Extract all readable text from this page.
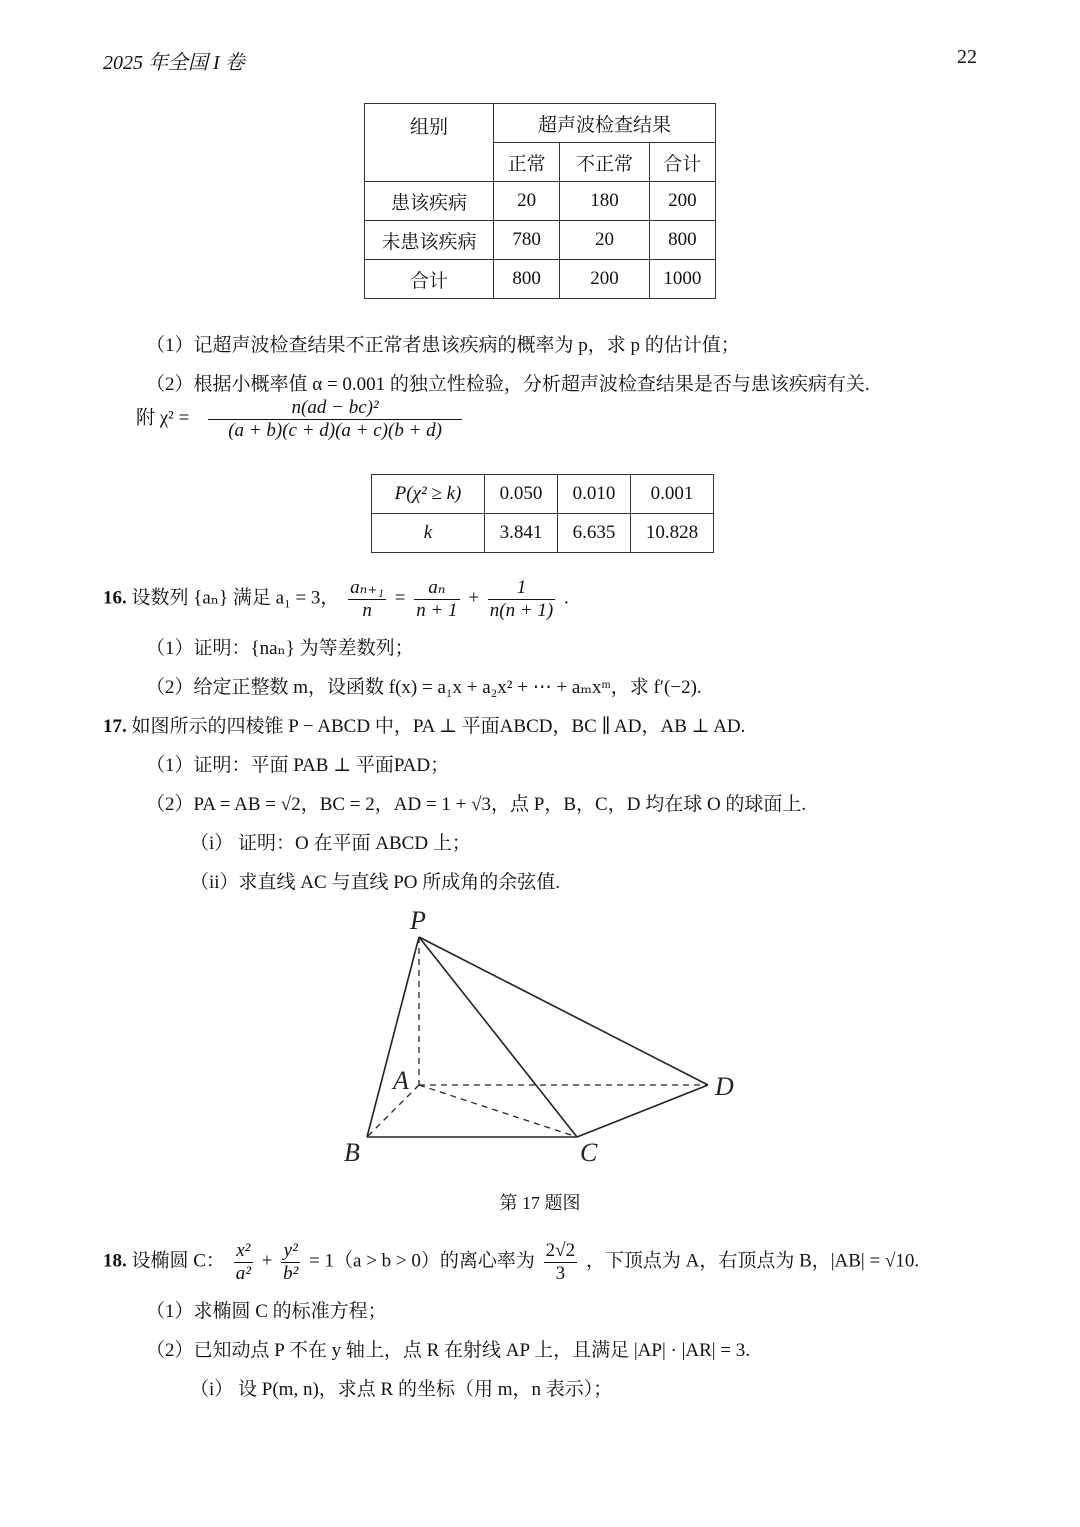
2025 年全国 I 卷	22
组别	超声波检查结果		
	正常	不正常	合计
患该疾病	20	180	200
未患该疾病	780	20	800
合计	800	200	1000
（1）记超声波检查结果不正常者患该疾病的概率为 p，求 p 的估计值；
（2）根据小概率值 α = 0.001 的独立性检验，分析超声波检查结果是否与患该疾病有关.
附 $\chi^2 = \frac{\text{n(ad − bc)²}}{(a + b)(c + d)(a + c)(b + d)}$
P(χ² ≥ k)	0.050	0.010	0.001
k	3.841	6.635	10.828
16. 设数列 {aₙ} 满足 a₁ = 3， $\frac{\text{aₙ₊₁}}{n} = \frac{\text{aₙ}}{n + 1} + \frac{1}{n(n + 1)}$ .
（1）证明：{naₙ} 为等差数列；
（2）给定正整数 m，设函数 f(x) = a₁x + a₂x² + ⋯ + aₘxᵐ，求 f′(−2).
17. 如图所示的四棱锥 P − ABCD 中，PA ⊥ 平面ABCD，BC ∥ AD，AB ⊥ AD.
（1）证明：平面 PAB ⊥ 平面PAD；
（2）PA = AB = √2，BC = 2，AD = 1 + √3，点 P，B，C，D 均在球 O 的球面上.
（i） 证明：O 在平面 ABCD 上；
（ii）求直线 AC 与直线 PO 所成角的余弦值.
P
A
B	C
D
第 17 题图
18. 设椭圆 C： $\frac{\text{x²}}{\text{a²}} + \frac{\text{y²}}{\text{b²}} = 1(a > b > 0)$的离心率为 $\frac{2√2}{3}$ ，下顶点为 A，右顶点为 B，|AB| = √10.
（1）求椭圆 C 的标准方程；
（2）已知动点 P 不在 y 轴上，点 R 在射线 AP 上，且满足 |AP| · |AR| = 3.
（i） 设 P(m, n)，求点 R 的坐标（用 m，n 表示）；
